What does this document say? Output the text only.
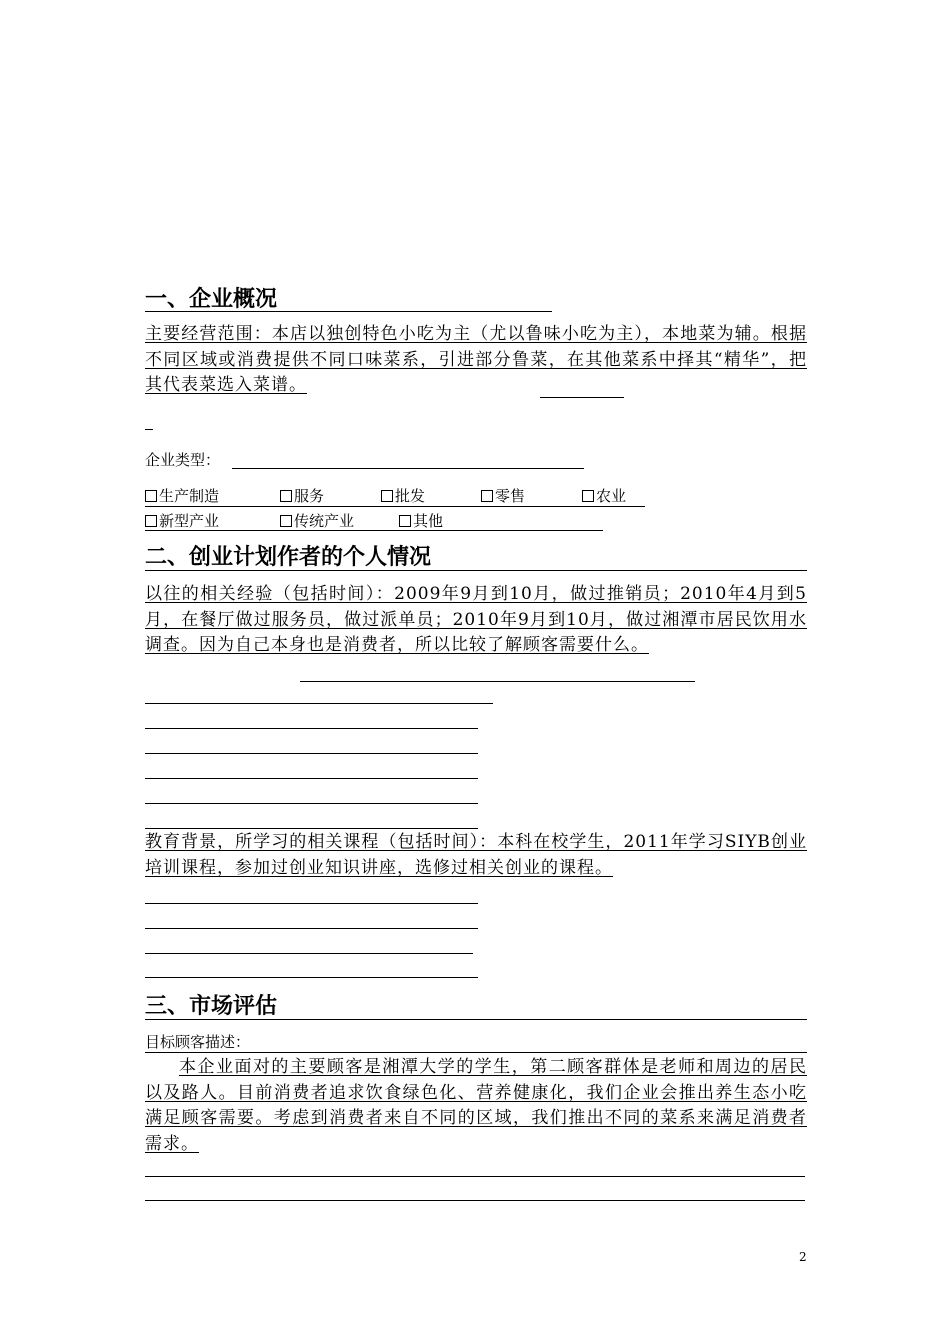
一、企业概况
主要经营范围：本店以独创特色小吃为主（尤以鲁味小吃为主），本地菜为辅。根据不同区域或消费提供不同口味菜系，引进部分鲁菜，在其他菜系中择其“精华”，把其代表菜选入菜谱。
企业类型：
生产制造	服务	批发	零售	农业
新型产业	传统产业	其他
二、创业计划作者的个人情况
以往的相关经验（包括时间）：2009年9月到10月，做过推销员；2010年4月到5月，在餐厅做过服务员，做过派单员；2010年9月到10月，做过湘潭市居民饮用水调查。因为自己本身也是消费者，所以比较了解顾客需要什么。
教育背景，所学习的相关课程（包括时间）：本科在校学生，2011年学习SIYB创业培训课程，参加过创业知识讲座，选修过相关创业的课程。
三、市场评估
目标顾客描述：
本企业面对的主要顾客是湘潭大学的学生，第二顾客群体是老师和周边的居民以及路人。目前消费者追求饮食绿色化、营养健康化，我们企业会推出养生态小吃满足顾客需要。考虑到消费者来自不同的区域，我们推出不同的菜系来满足消费者需求。
2
